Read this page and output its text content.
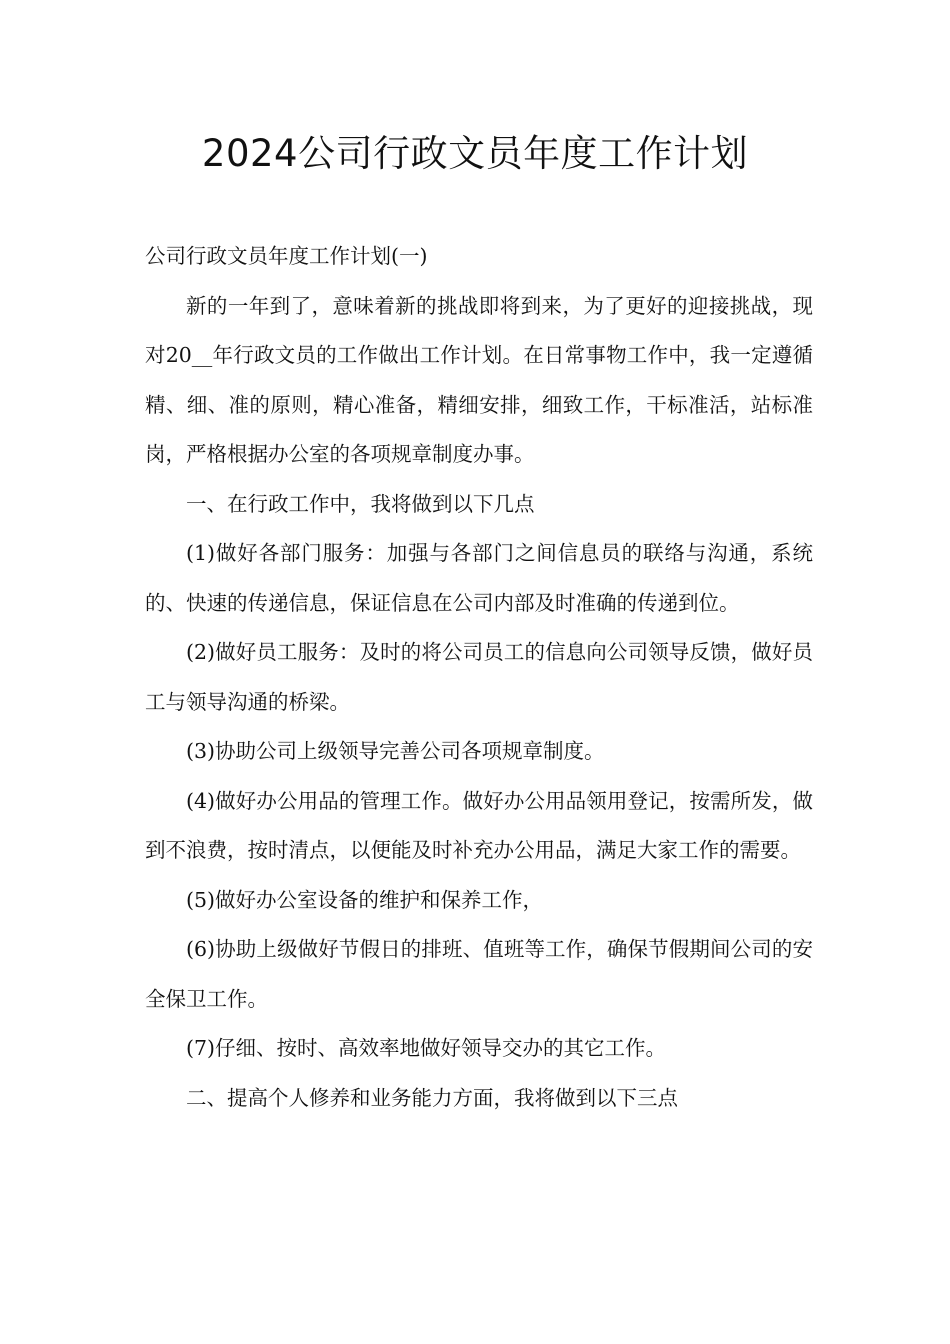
2024公司行政文员年度工作计划

公司行政文员年度工作计划(一)

新的一年到了，意味着新的挑战即将到来，为了更好的迎接挑战，现对20__年行政文员的工作做出工作计划。在日常事物工作中，我一定遵循精、细、准的原则，精心准备，精细安排，细致工作，干标准活，站标准岗，严格根据办公室的各项规章制度办事。

一、在行政工作中，我将做到以下几点

(1)做好各部门服务：加强与各部门之间信息员的联络与沟通，系统的、快速的传递信息，保证信息在公司内部及时准确的传递到位。

(2)做好员工服务：及时的将公司员工的信息向公司领导反馈，做好员工与领导沟通的桥梁。

(3)协助公司上级领导完善公司各项规章制度。

(4)做好办公用品的管理工作。做好办公用品领用登记，按需所发，做到不浪费，按时清点，以便能及时补充办公用品，满足大家工作的需要。

(5)做好办公室设备的维护和保养工作，

(6)协助上级做好节假日的排班、值班等工作，确保节假期间公司的安全保卫工作。

(7)仔细、按时、高效率地做好领导交办的其它工作。

二、提高个人修养和业务能力方面，我将做到以下三点
